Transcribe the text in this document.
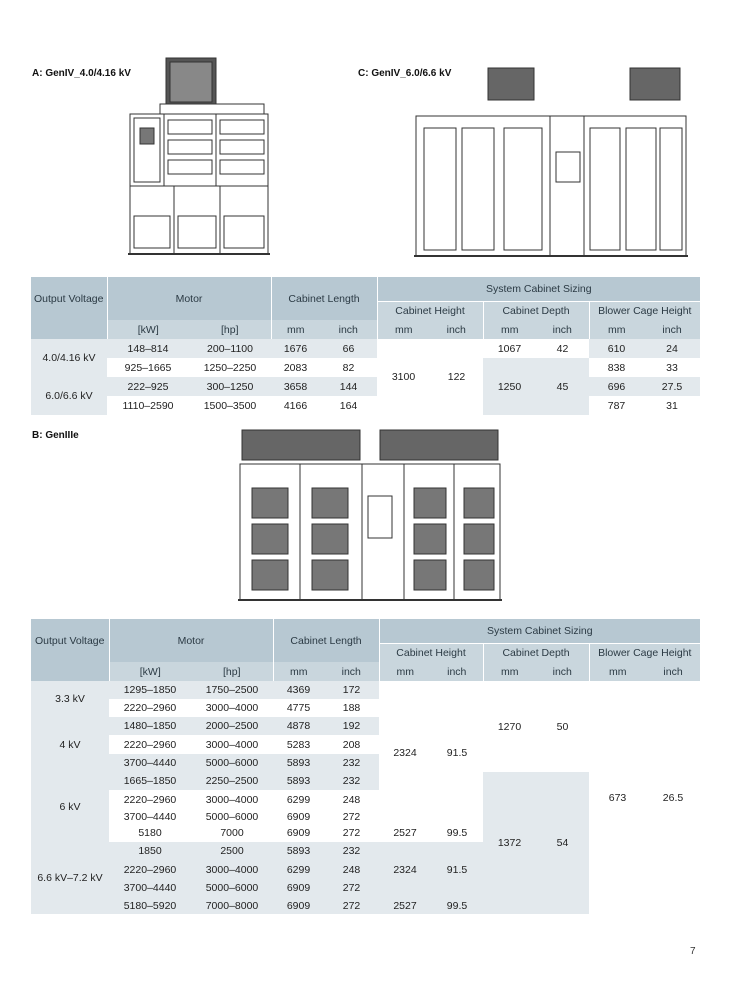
A: GenIV_4.0/4.16 kV	C: GenIV_6.0/6.6 kV
B: GenIIIe
Output Voltage	Motor		Cabinet Length		System Cabinet Sizing					
					Cabinet Height		Cabinet Depth		Blower Cage Height	
	[kW]	[hp]	mm	inch	mm	inch	mm	inch	mm	inch
4.0/4.16 kV	148–814	200–1100	1676	66	3100	122	1067	42	610	24
	925–1665	1250–2250	2083	82			1250	45	838	33
6.0/6.6 kV	222–925	300–1250	3658	144					696	27.5
	1110–2590	1500–3500	4166	164					787	31
Output Voltage	Motor		Cabinet Length		System Cabinet Sizing					
					Cabinet Height		Cabinet Depth		Blower Cage Height	
	[kW]	[hp]	mm	inch	mm	inch	mm	inch	mm	inch
3.3 kV	1295–1850	1750–2500	4369	172	2324	91.5	1270	50	673	26.5
	2220–2960	3000–4000	4775	188						
4 kV	1480–1850	2000–2500	4878	192						
	2220–2960	3000–4000	5283	208						
	3700–4440	5000–6000	5893	232						
6 kV	1665–1850	2250–2500	5893	232			1372	54		
	2220–2960	3000–4000	6299	248						
	3700–4440	5000–6000	6909	272						
	5180	7000	6909	272	2527	99.5				
6.6 kV–7.2 kV	1850	2500	5893	232	2324	91.5				
	2220–2960	3000–4000	6299	248						
	3700–4440	5000–6000	6909	272						
	5180–5920	7000–8000	6909	272	2527	99.5				
7
